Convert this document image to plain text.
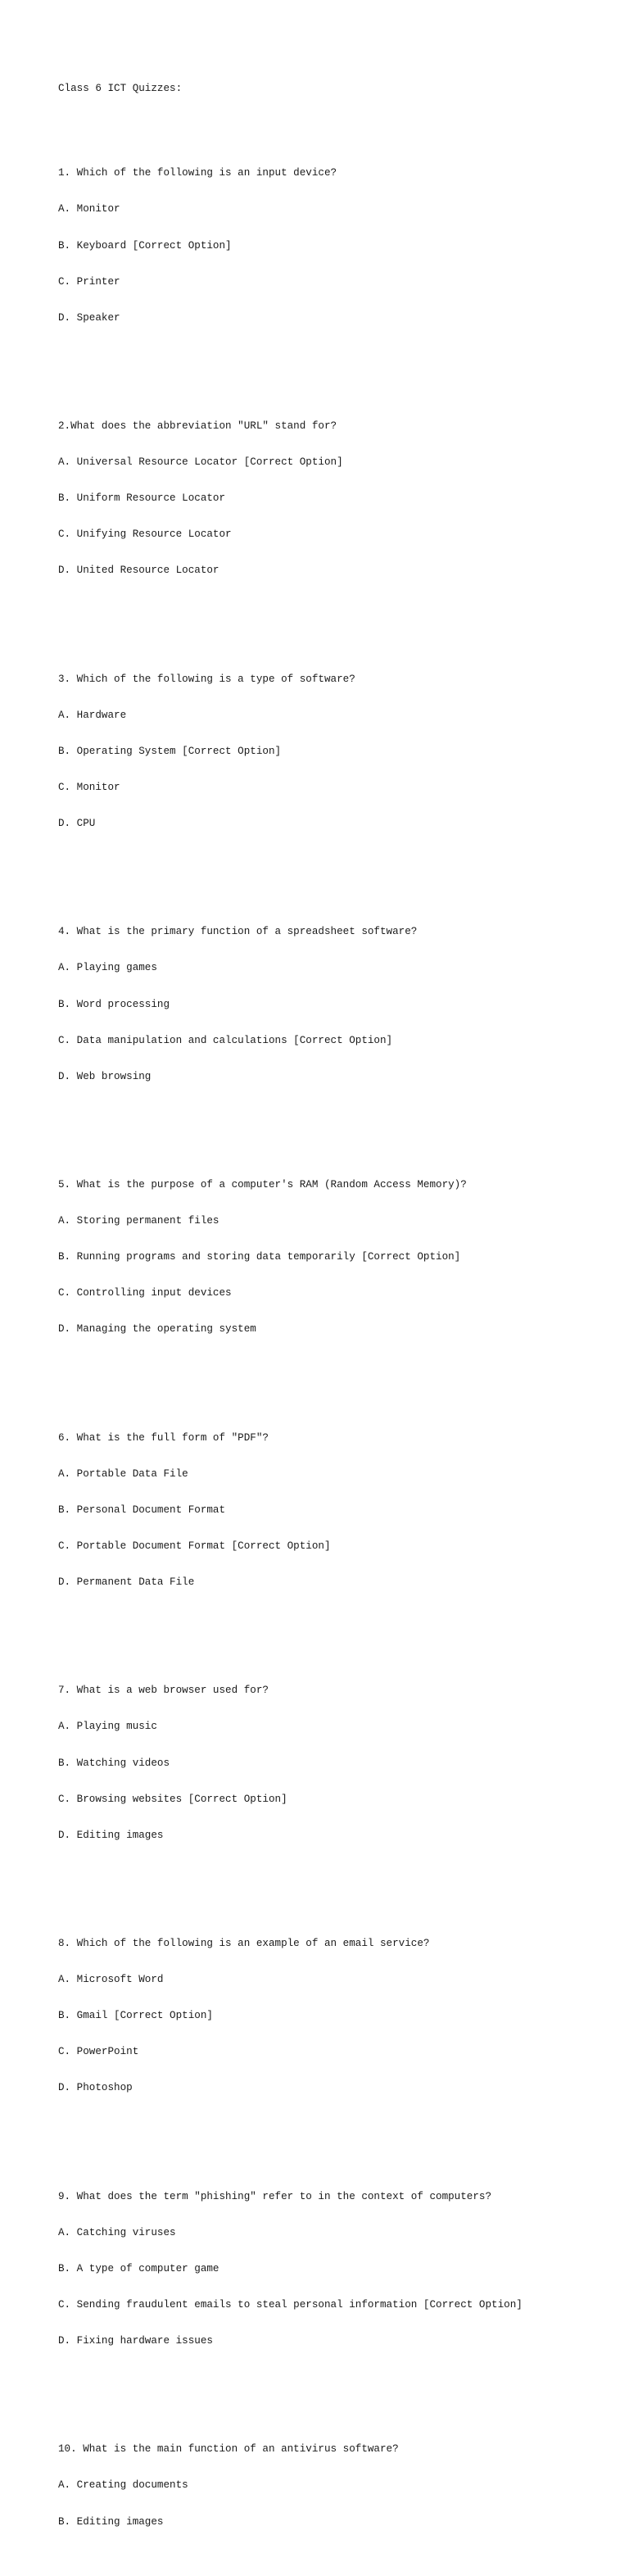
Class 6 ICT Quizzes:

1. Which of the following is an input device?

A. Monitor

B. Keyboard [Correct Option]

C. Printer

D. Speaker

2.What does the abbreviation "URL" stand for?

A. Universal Resource Locator [Correct Option]

B. Uniform Resource Locator

C. Unifying Resource Locator

D. United Resource Locator

3. Which of the following is a type of software?

A. Hardware

B. Operating System [Correct Option]

C. Monitor

D. CPU

4. What is the primary function of a spreadsheet software?

A. Playing games

B. Word processing

C. Data manipulation and calculations [Correct Option]

D. Web browsing

5. What is the purpose of a computer's RAM (Random Access Memory)?

A. Storing permanent files

B. Running programs and storing data temporarily [Correct Option]

C. Controlling input devices

D. Managing the operating system

6. What is the full form of "PDF"?

A. Portable Data File

B. Personal Document Format

C. Portable Document Format [Correct Option]

D. Permanent Data File

7. What is a web browser used for?

A. Playing music

B. Watching videos

C. Browsing websites [Correct Option]

D. Editing images

8. Which of the following is an example of an email service?

A. Microsoft Word

B. Gmail [Correct Option]

C. PowerPoint

D. Photoshop

9. What does the term "phishing" refer to in the context of computers?

A. Catching viruses

B. A type of computer game

C. Sending fraudulent emails to steal personal information [Correct Option]

D. Fixing hardware issues

10. What is the main function of an antivirus software?

A. Creating documents

B. Editing images
